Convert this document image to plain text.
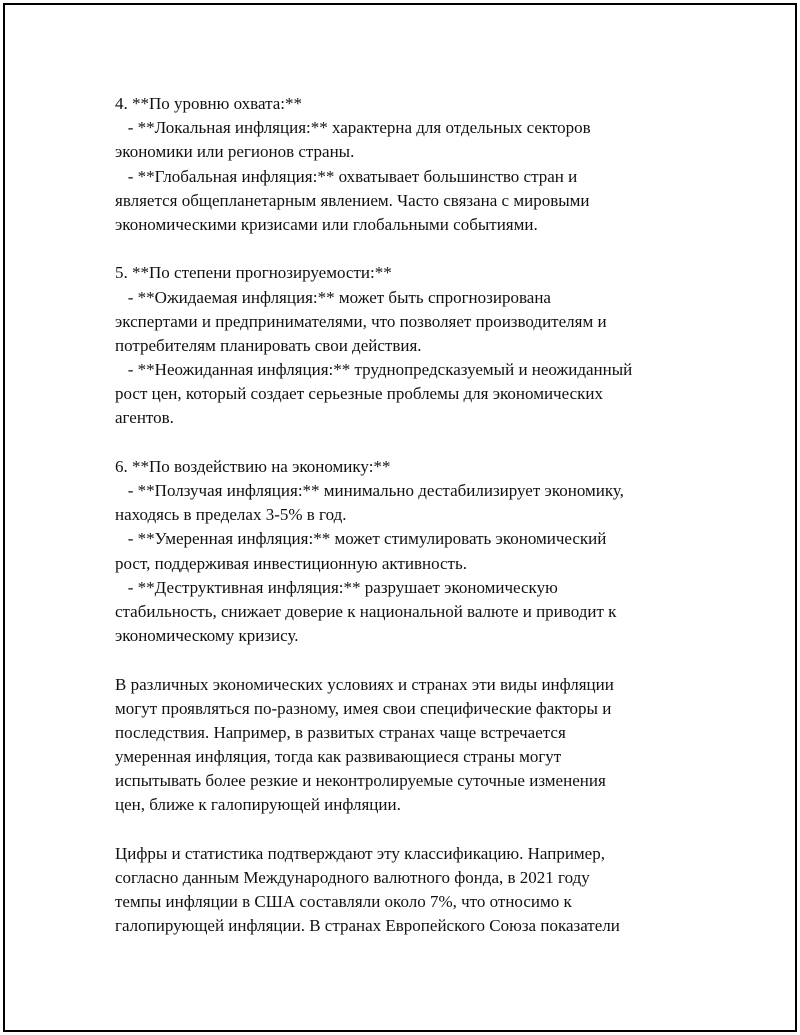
4. **По уровню охвата:**
- **Локальная инфляция:** характерна для отдельных секторов
экономики или регионов страны.
- **Глобальная инфляция:** охватывает большинство стран и
является общепланетарным явлением. Часто связана с мировыми
экономическими кризисами или глобальными событиями.
5. **По степени прогнозируемости:**
- **Ожидаемая инфляция:** может быть спрогнозирована
экспертами и предпринимателями, что позволяет производителям и
потребителям планировать свои действия.
- **Неожиданная инфляция:** труднопредсказуемый и неожиданный
рост цен, который создает серьезные проблемы для экономических
агентов.
6. **По воздействию на экономику:**
- **Ползучая инфляция:** минимально дестабилизирует экономику,
находясь в пределах 3-5% в год.
- **Умеренная инфляция:** может стимулировать экономический
рост, поддерживая инвестиционную активность.
- **Деструктивная инфляция:** разрушает экономическую
стабильность, снижает доверие к национальной валюте и приводит к
экономическому кризису.
В различных экономических условиях и странах эти виды инфляции
могут проявляться по-разному, имея свои специфические факторы и
последствия. Например, в развитых странах чаще встречается
умеренная инфляция, тогда как развивающиеся страны могут
испытывать более резкие и неконтролируемые суточные изменения
цен, ближе к галопирующей инфляции.
Цифры и статистика подтверждают эту классификацию. Например,
согласно данным Международного валютного фонда, в 2021 году
темпы инфляции в США составляли около 7%, что относимо к
галопирующей инфляции. В странах Европейского Союза показатели
